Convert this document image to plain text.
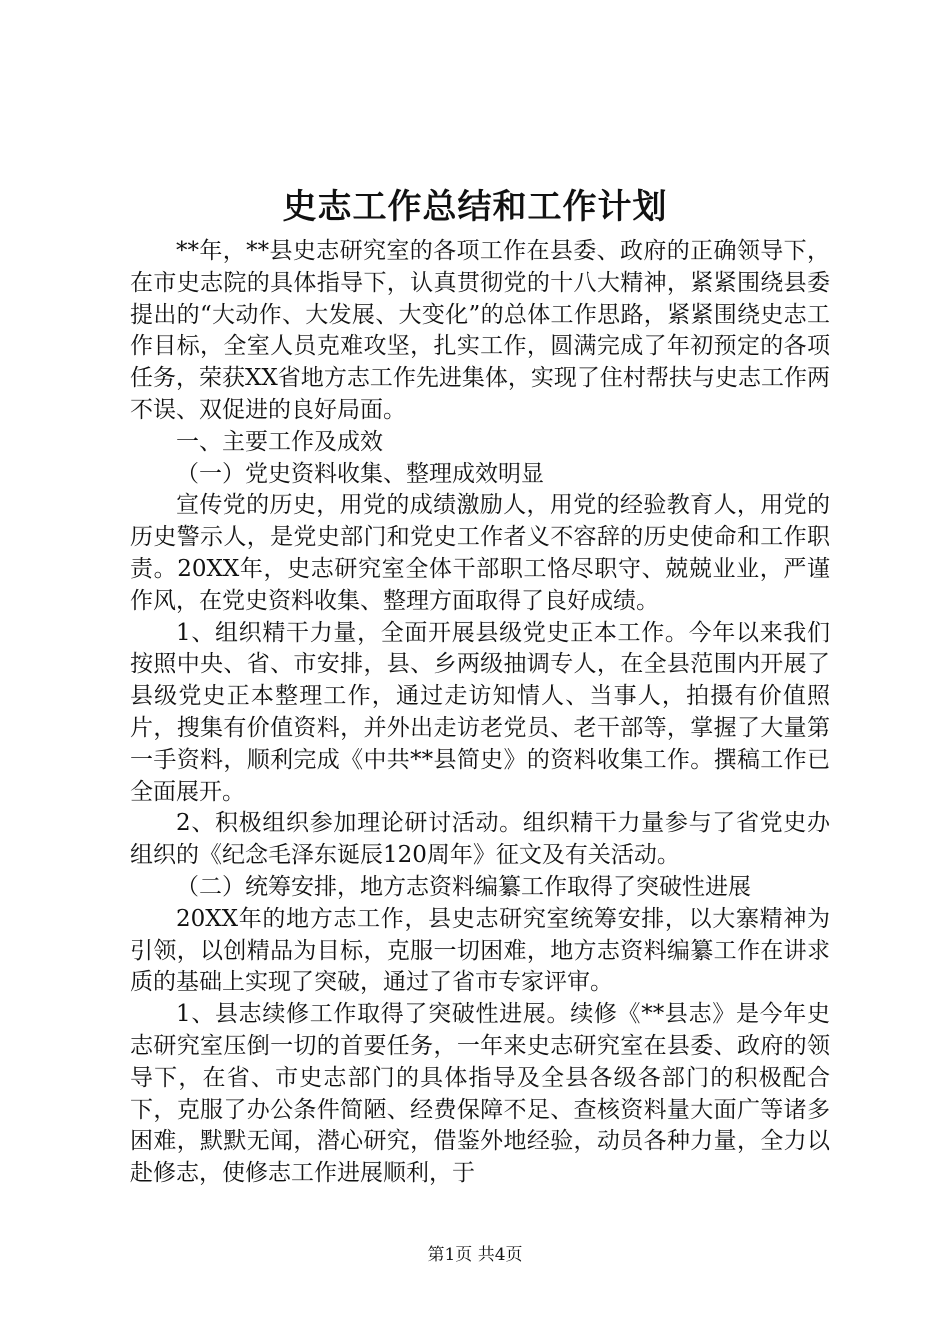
史志工作总结和工作计划

**年，**县史志研究室的各项工作在县委、政府的正确领导下，在市史志院的具体指导下，认真贯彻党的十八大精神，紧紧围绕县委提出的“大动作、大发展、大变化”的总体工作思路，紧紧围绕史志工作目标，全室人员克难攻坚，扎实工作，圆满完成了年初预定的各项任务，荣获XX省地方志工作先进集体，实现了住村帮扶与史志工作两不误、双促进的良好局面。

一、主要工作及成效

（一）党史资料收集、整理成效明显

宣传党的历史，用党的成绩激励人，用党的经验教育人，用党的历史警示人，是党史部门和党史工作者义不容辞的历史使命和工作职责。20XX年，史志研究室全体干部职工恪尽职守、兢兢业业，严谨作风，在党史资料收集、整理方面取得了良好成绩。

1、组织精干力量，全面开展县级党史正本工作。今年以来我们按照中央、省、市安排，县、乡两级抽调专人，在全县范围内开展了县级党史正本整理工作，通过走访知情人、当事人，拍摄有价值照片，搜集有价值资料，并外出走访老党员、老干部等，掌握了大量第一手资料，顺利完成《中共**县简史》的资料收集工作。撰稿工作已全面展开。

2、积极组织参加理论研讨活动。组织精干力量参与了省党史办组织的《纪念毛泽东诞辰120周年》征文及有关活动。

（二）统筹安排，地方志资料编纂工作取得了突破性进展

20XX年的地方志工作，县史志研究室统筹安排，以大寨精神为引领，以创精品为目标，克服一切困难，地方志资料编纂工作在讲求质的基础上实现了突破，通过了省市专家评审。

1、县志续修工作取得了突破性进展。续修《**县志》是今年史志研究室压倒一切的首要任务，一年来史志研究室在县委、政府的领导下，在省、市史志部门的具体指导及全县各级各部门的积极配合下，克服了办公条件简陋、经费保障不足、查核资料量大面广等诸多困难，默默无闻，潜心研究，借鉴外地经验，动员各种力量，全力以赴修志，使修志工作进展顺利，于

第1页 共4页
